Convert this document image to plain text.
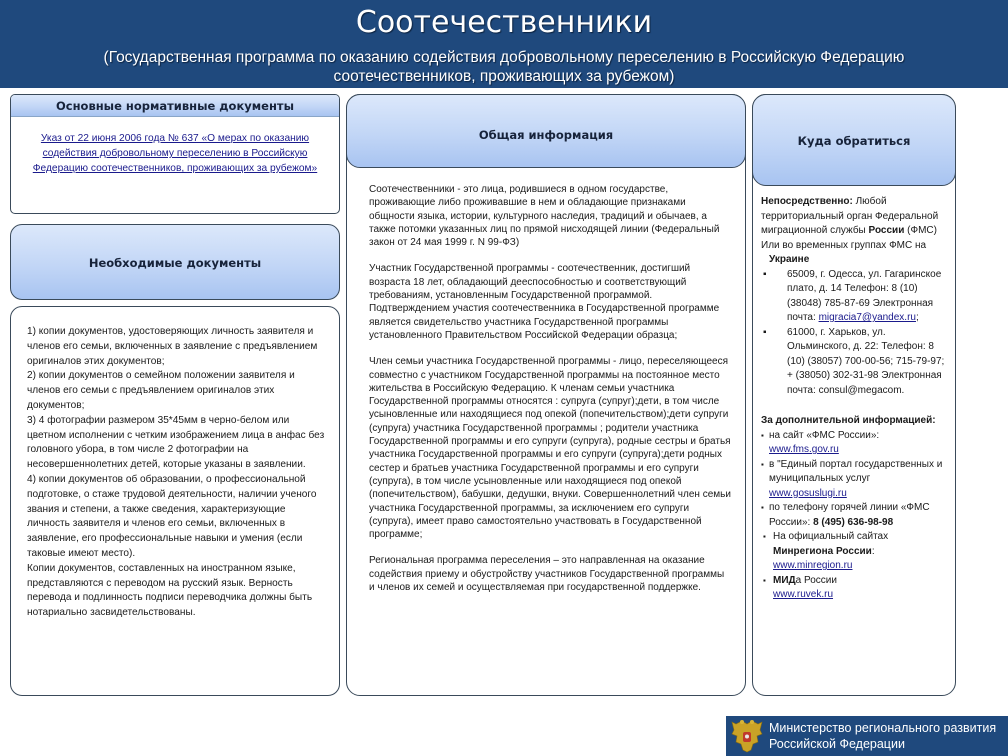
Соотечественники
(Государственная программа по оказанию содействия добровольному переселению в Российскую Федерацию соотечественников, проживающих за рубежом)
Основные нормативные документы
Указ от 22 июня 2006 года № 637 «О мерах по оказанию содействия добровольному переселению в Российскую Федерацию соотечественников, проживающих за рубежом»
Необходимые документы

1) копии документов, удостоверяющих личность заявителя и членов его семьи, включенных в заявление с предъявлением оригиналов этих документов;

2) копии документов о семейном положении заявителя и членов его семьи с предъявлением оригиналов этих документов;

3) 4 фотографии размером 35*45мм в черно-белом или цветном исполнении с четким изображением лица в анфас без головного убора, в том числе 2 фотографии на несовершеннолетних детей, которые указаны в заявлении.

4) копии документов об образовании, о профессиональной подготовке, о стаже трудовой деятельности, наличии ученого звания и степени, а также сведения, характеризующие личность заявителя и членов его семьи, включенных в заявление, его профессиональные навыки и умения (если таковые имеют место).

Копии документов, составленных на иностранном языке, представляются с переводом на русский язык. Верность перевода и подлинность подписи переводчика должны быть нотариально засвидетельствованы.

Соотечественники - это лица, родившиеся в одном государстве, проживающие либо проживавшие в нем и обладающие признаками общности языка, истории, культурного наследия, традиций и обычаев, а также потомки указанных лиц по прямой нисходящей линии (Федеральный закон от 24 мая 1999 г. N 99-ФЗ)

Участник Государственной программы - соотечественник, достигший возраста 18 лет, обладающий дееспособностью и соответствующий требованиям, установленным Государственной программой. Подтверждением участия соотечественника в Государственной программе является свидетельство участника Государственной программы установленного Правительством Российской Федерации образца;

Член семьи участника Государственной программы - лицо, переселяющееся совместно с участником Государственной программы на постоянное место жительства в Российскую Федерацию. К членам семьи участника Государственной программы относятся : супруга (супруг);дети, в том числе усыновленные или находящиеся под опекой (попечительством);дети супруги (супруга) участника Государственной программы ; родители участника Государственной программы и его супруги (супруга), родные сестры и братья участника Государственной программы и его супруги (супруга);дети родных сестер и братьев участника Государственной программы и его супруги (супруга), в том числе усыновленные или находящиеся под опекой (попечительством), бабушки, дедушки, внуки. Совершеннолетний член семьи участника Государственной программы, за исключением его супруги (супруга), имеет право самостоятельно участвовать в Государственной программе;

Региональная программа переселения – это направленная на оказание содействия приему и обустройству участников Государственной программы и членов их семей и осуществляемая при государственной поддержке.

Общая информация
Непосредственно: Любой территориальный орган Федеральной миграционной службы России (ФМС)
Или во временных группах ФМС на
Украине
▪ 65009, г. Одесса, ул. Гагаринское плато, д. 14 Телефон: 8 (10) (38048) 785-87-69 Электронная почта: migracia7@yandex.ru;
▪ 61000, г. Харьков, ул. Ольминского, д. 22: Телефон: 8 (10) (38057) 700-00-56; 715-79-97; + (38050) 302-31-98 Электронная почта: consul@megacom.
За дополнительной информацией:
▪ на сайт «ФМС России»:
www.fms.gov.ru
▪ в "Единый портал государственных и муниципальных услуг
www.gosuslugi.ru
▪ по телефону горячей линии «ФМС России»: 8 (495) 636-98-98
▪ На официальный сайтах
Минрегиона России:
www.minregion.ru
▪ МИДа России
www.ruvek.ru
Куда обратиться
Министерство регионального развития
Российской Федерации
